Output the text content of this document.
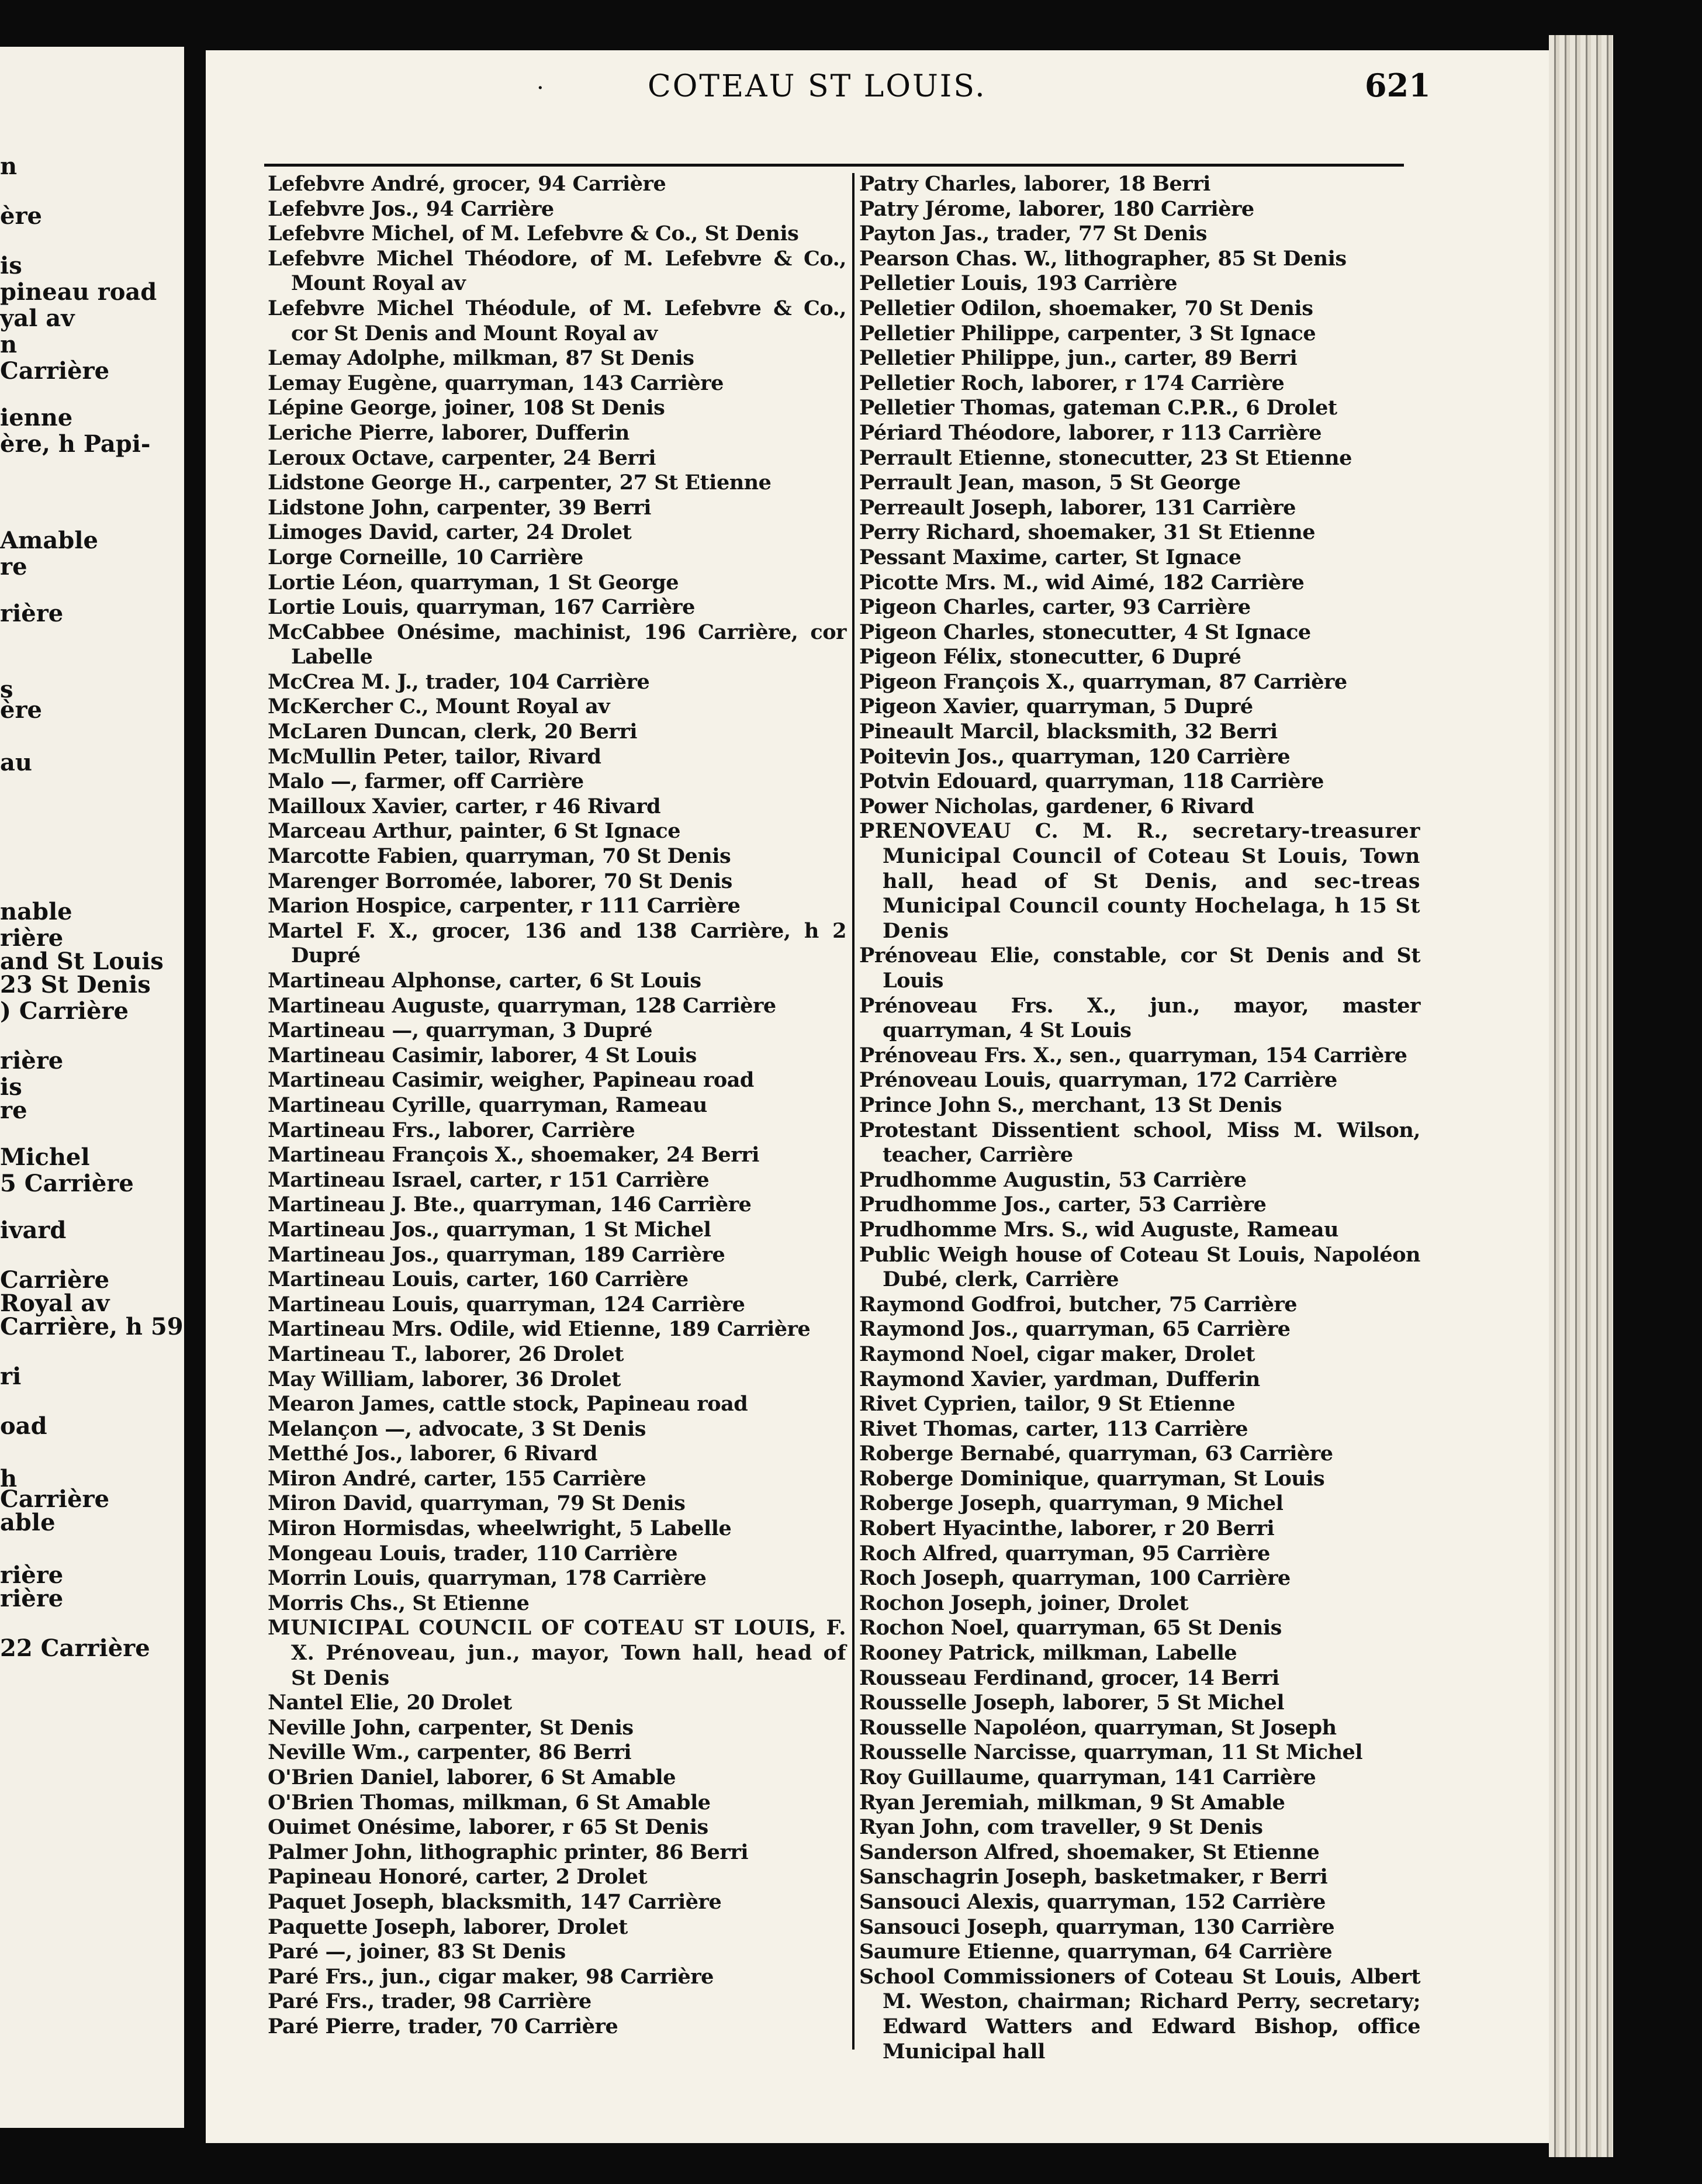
n
ère
is
pineau road
yal av
n
Carrière
ienne
ère, h Papi-
Amable
re
rière
s
ère
au
nable
rière
and St Louis
23 St Denis
) Carrière
rière
is
re
Michel
5 Carrière
ivard
Carrière
Royal av
Carrière, h 59
ri
oad
h
Carrière
able
rière
rière
22 Carrière
·	COTEAU ST LOUIS.	621
Lefebvre André, grocer, 94 Carrière
Lefebvre Jos., 94 Carrière
Lefebvre Michel, of M. Lefebvre & Co., St Denis
Lefebvre Michel Théodore, of M. Lefebvre & Co., Mount Royal av
Lefebvre Michel Théodule, of M. Lefebvre & Co., cor St Denis and Mount Royal av
Lemay Adolphe, milkman, 87 St Denis
Lemay Eugène, quarryman, 143 Carrière
Lépine George, joiner, 108 St Denis
Leriche Pierre, laborer, Dufferin
Leroux Octave, carpenter, 24 Berri
Lidstone George H., carpenter, 27 St Etienne
Lidstone John, carpenter, 39 Berri
Limoges David, carter, 24 Drolet
Lorge Corneille, 10 Carrière
Lortie Léon, quarryman, 1 St George
Lortie Louis, quarryman, 167 Carrière
McCabbee Onésime, machinist, 196 Carrière, cor Labelle
McCrea M. J., trader, 104 Carrière
McKercher C., Mount Royal av
McLaren Duncan, clerk, 20 Berri
McMullin Peter, tailor, Rivard
Malo —, farmer, off Carrière
Mailloux Xavier, carter, r 46 Rivard
Marceau Arthur, painter, 6 St Ignace
Marcotte Fabien, quarryman, 70 St Denis
Marenger Borromée, laborer, 70 St Denis
Marion Hospice, carpenter, r 111 Carrière
Martel F. X., grocer, 136 and 138 Carrière, h 2 Dupré
Martineau Alphonse, carter, 6 St Louis
Martineau Auguste, quarryman, 128 Carrière
Martineau —, quarryman, 3 Dupré
Martineau Casimir, laborer, 4 St Louis
Martineau Casimir, weigher, Papineau road
Martineau Cyrille, quarryman, Rameau
Martineau Frs., laborer, Carrière
Martineau François X., shoemaker, 24 Berri
Martineau Israel, carter, r 151 Carrière
Martineau J. Bte., quarryman, 146 Carrière
Martineau Jos., quarryman, 1 St Michel
Martineau Jos., quarryman, 189 Carrière
Martineau Louis, carter, 160 Carrière
Martineau Louis, quarryman, 124 Carrière
Martineau Mrs. Odile, wid Etienne, 189 Carrière
Martineau T., laborer, 26 Drolet
May William, laborer, 36 Drolet
Mearon James, cattle stock, Papineau road
Melançon —, advocate, 3 St Denis
Metthé Jos., laborer, 6 Rivard
Miron André, carter, 155 Carrière
Miron David, quarryman, 79 St Denis
Miron Hormisdas, wheelwright, 5 Labelle
Mongeau Louis, trader, 110 Carrière
Morrin Louis, quarryman, 178 Carrière
Morris Chs., St Etienne
MUNICIPAL COUNCIL OF COTEAU ST LOUIS, F. X. Prénoveau, jun., mayor, Town hall, head of St Denis
Nantel Elie, 20 Drolet
Neville John, carpenter, St Denis
Neville Wm., carpenter, 86 Berri
O'Brien Daniel, laborer, 6 St Amable
O'Brien Thomas, milkman, 6 St Amable
Ouimet Onésime, laborer, r 65 St Denis
Palmer John, lithographic printer, 86 Berri
Papineau Honoré, carter, 2 Drolet
Paquet Joseph, blacksmith, 147 Carrière
Paquette Joseph, laborer, Drolet
Paré —, joiner, 83 St Denis
Paré Frs., jun., cigar maker, 98 Carrière
Paré Frs., trader, 98 Carrière
Paré Pierre, trader, 70 Carrière
Patry Charles, laborer, 18 Berri
Patry Jérome, laborer, 180 Carrière
Payton Jas., trader, 77 St Denis
Pearson Chas. W., lithographer, 85 St Denis
Pelletier Louis, 193 Carrière
Pelletier Odilon, shoemaker, 70 St Denis
Pelletier Philippe, carpenter, 3 St Ignace
Pelletier Philippe, jun., carter, 89 Berri
Pelletier Roch, laborer, r 174 Carrière
Pelletier Thomas, gateman C.P.R., 6 Drolet
Périard Théodore, laborer, r 113 Carrière
Perrault Etienne, stonecutter, 23 St Etienne
Perrault Jean, mason, 5 St George
Perreault Joseph, laborer, 131 Carrière
Perry Richard, shoemaker, 31 St Etienne
Pessant Maxime, carter, St Ignace
Picotte Mrs. M., wid Aimé, 182 Carrière
Pigeon Charles, carter, 93 Carrière
Pigeon Charles, stonecutter, 4 St Ignace
Pigeon Félix, stonecutter, 6 Dupré
Pigeon François X., quarryman, 87 Carrière
Pigeon Xavier, quarryman, 5 Dupré
Pineault Marcil, blacksmith, 32 Berri
Poitevin Jos., quarryman, 120 Carrière
Potvin Edouard, quarryman, 118 Carrière
Power Nicholas, gardener, 6 Rivard
PRENOVEAU C. M. R., secretary-treasurer Municipal Council of Coteau St Louis, Town hall, head of St Denis, and sec-treas Municipal Council county Hochelaga, h 15 St Denis
Prénoveau Elie, constable, cor St Denis and St Louis
Prénoveau Frs. X., jun., mayor, master quarryman, 4 St Louis
Prénoveau Frs. X., sen., quarryman, 154 Carrière
Prénoveau Louis, quarryman, 172 Carrière
Prince John S., merchant, 13 St Denis
Protestant Dissentient school, Miss M. Wilson, teacher, Carrière
Prudhomme Augustin, 53 Carrière
Prudhomme Jos., carter, 53 Carrière
Prudhomme Mrs. S., wid Auguste, Rameau
Public Weigh house of Coteau St Louis, Napoléon Dubé, clerk, Carrière
Raymond Godfroi, butcher, 75 Carrière
Raymond Jos., quarryman, 65 Carrière
Raymond Noel, cigar maker, Drolet
Raymond Xavier, yardman, Dufferin
Rivet Cyprien, tailor, 9 St Etienne
Rivet Thomas, carter, 113 Carrière
Roberge Bernabé, quarryman, 63 Carrière
Roberge Dominique, quarryman, St Louis
Roberge Joseph, quarryman, 9 Michel
Robert Hyacinthe, laborer, r 20 Berri
Roch Alfred, quarryman, 95 Carrière
Roch Joseph, quarryman, 100 Carrière
Rochon Joseph, joiner, Drolet
Rochon Noel, quarryman, 65 St Denis
Rooney Patrick, milkman, Labelle
Rousseau Ferdinand, grocer, 14 Berri
Rousselle Joseph, laborer, 5 St Michel
Rousselle Napoléon, quarryman, St Joseph
Rousselle Narcisse, quarryman, 11 St Michel
Roy Guillaume, quarryman, 141 Carrière
Ryan Jeremiah, milkman, 9 St Amable
Ryan John, com traveller, 9 St Denis
Sanderson Alfred, shoemaker, St Etienne
Sanschagrin Joseph, basketmaker, r Berri
Sansouci Alexis, quarryman, 152 Carrière
Sansouci Joseph, quarryman, 130 Carrière
Saumure Etienne, quarryman, 64 Carrière
School Commissioners of Coteau St Louis, Albert M. Weston, chairman; Richard Perry, secretary; Edward Watters and Edward Bishop, office Municipal hall
